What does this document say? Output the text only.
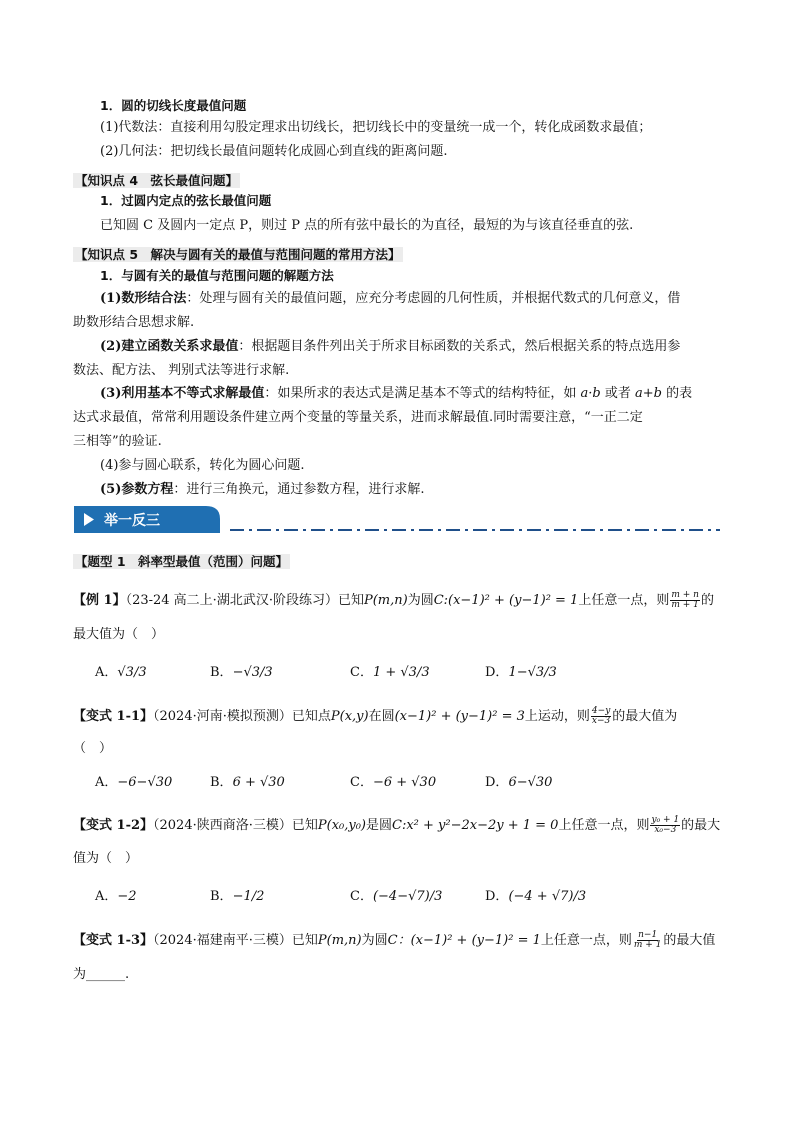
1．圆的切线长度最值问题
(1)代数法：直接利用勾股定理求出切线长，把切线长中的变量统一成一个，转化成函数求最值；
(2)几何法：把切线长最值问题转化成圆心到直线的距离问题.
【知识点 4　弦长最值问题】
1．过圆内定点的弦长最值问题
已知圆 C 及圆内一定点 P，则过 P 点的所有弦中最长的为直径，最短的为与该直径垂直的弦.
【知识点 5　解决与圆有关的最值与范围问题的常用方法】
1．与圆有关的最值与范围问题的解题方法
(1)数形结合法：处理与圆有关的最值问题，应充分考虑圆的几何性质，并根据代数式的几何意义，借
助数形结合思想求解.
(2)建立函数关系求最值：根据题目条件列出关于所求目标函数的关系式，然后根据关系的特点选用参
数法、配方法、 判别式法等进行求解.
(3)利用基本不等式求解最值：如果所求的表达式是满足基本不等式的结构特征，如 a·b 或者 a+b 的表
达式求最值，常常利用题设条件建立两个变量的等量关系，进而求解最值.同时需要注意，“一正二定
三相等”的验证.
(4)参与圆心联系，转化为圆心问题.
(5)参数方程：进行三角换元，通过参数方程，进行求解.
举一反三
【题型 1　斜率型最值（范围）问题】
【例 1】（23-24 高二上·湖北武汉·阶段练习）已知P(m,n)为圆C:(x−1)² + (y−1)² = 1上任意一点，则 $\frac{m + n}{m + 1}$ 的
最大值为（　）
A．√3/3	B．−√3/3	C．1 + √3/3	D．1−√3/3
【变式 1-1】（2024·河南·模拟预测）已知点P(x,y)在圆(x−1)² + (y−1)² = 3上运动，则 $\frac{4-y}{x-3}$ 的最大值为
（　）
A．−6−√30	B．6 + √30	C．−6 + √30	D．6−√30
【变式 1-2】（2024·陕西商洛·三模）已知P(x₀,y₀)是圆C:x² + y²−2x−2y + 1 = 0上任意一点，则 $\frac{\text{y₀ + 1}}{\text{x₀−3}}$ 的最大
值为（　）
A．−2	B．−1/2	C．(−4−√7)/3	D．(−4 + √7)/3
【变式 1-3】（2024·福建南平·三模）已知P(m,n)为圆C：(x−1)² + (y−1)² = 1上任意一点，则 $\frac{n-1}{m + 1}$ 的最大值
为______.
